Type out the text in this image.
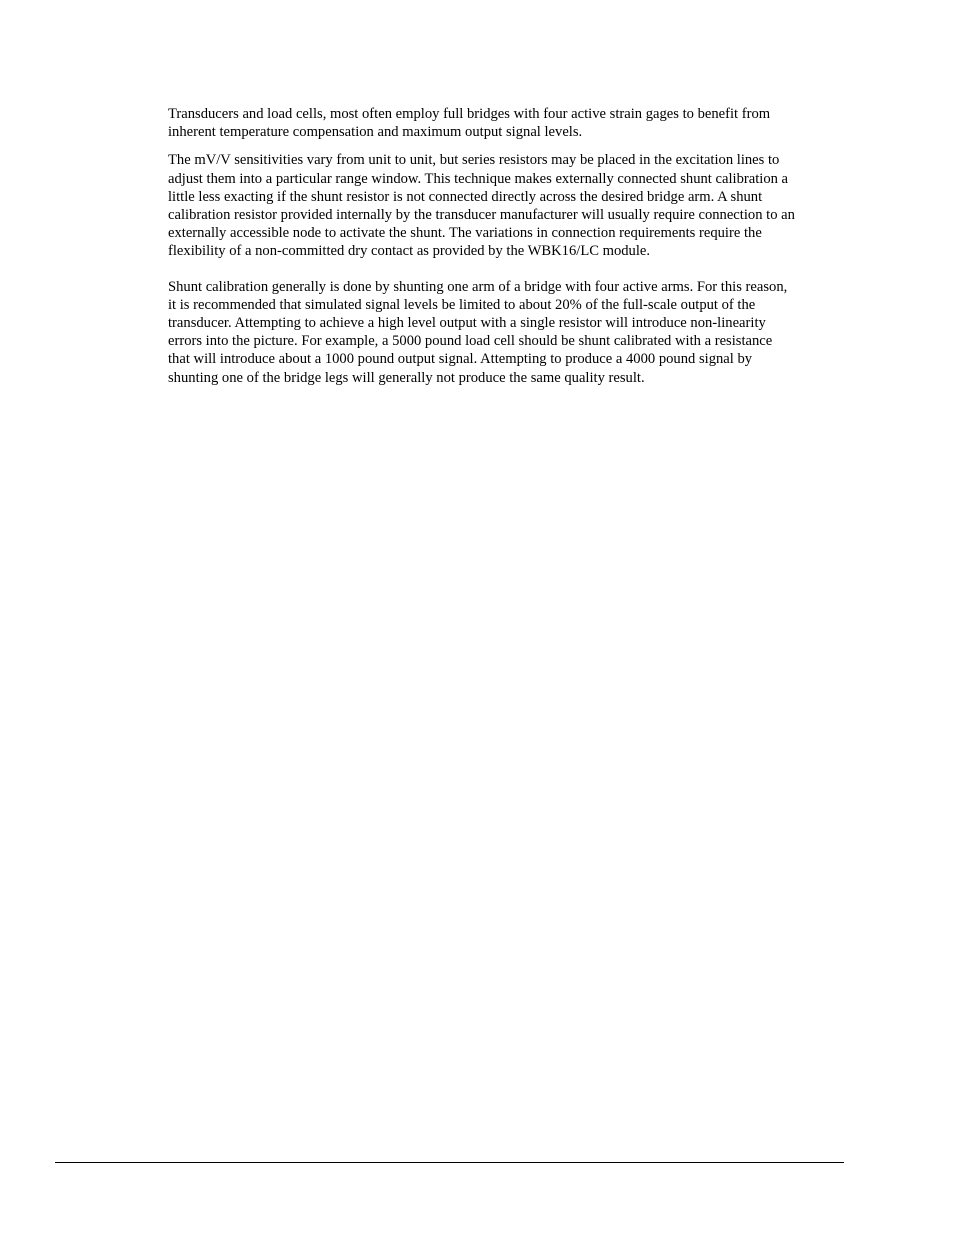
Transducers and load cells, most often employ full bridges with four active strain gages to benefit from
inherent temperature compensation and maximum output signal levels.

The mV/V sensitivities vary from unit to unit, but series resistors may be placed in the excitation lines to
adjust them into a particular range window. This technique makes externally connected shunt calibration a
little less exacting if the shunt resistor is not connected directly across the desired bridge arm. A shunt
calibration resistor provided internally by the transducer manufacturer will usually require connection to an
externally accessible node to activate the shunt. The variations in connection requirements require the
flexibility of a non-committed dry contact as provided by the WBK16/LC module.

Shunt calibration generally is done by shunting one arm of a bridge with four active arms. For this reason,
it is recommended that simulated signal levels be limited to about 20% of the full-scale output of the
transducer. Attempting to achieve a high level output with a single resistor will introduce non-linearity
errors into the picture. For example, a 5000 pound load cell should be shunt calibrated with a resistance
that will introduce about a 1000 pound output signal. Attempting to produce a 4000 pound signal by
shunting one of the bridge legs will generally not produce the same quality result.
